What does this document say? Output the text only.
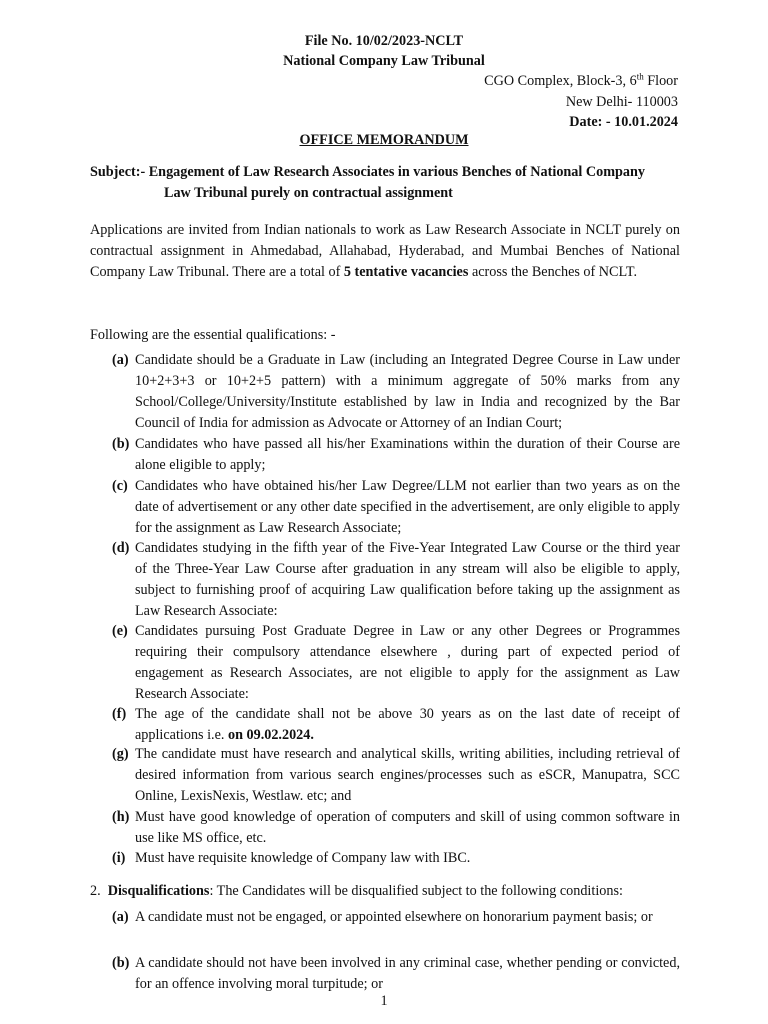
File No. 10/02/2023-NCLT
National Company Law Tribunal
CGO Complex, Block-3, 6th Floor
New Delhi- 110003
Date: - 10.01.2024
OFFICE MEMORANDUM
Subject:- Engagement of Law Research Associates in various Benches of National Company
Law Tribunal purely on contractual assignment
Applications are invited from Indian nationals to work as Law Research Associate in NCLT purely on contractual assignment in Ahmedabad, Allahabad, Hyderabad, and Mumbai Benches of National Company Law Tribunal. There are a total of 5 tentative vacancies across the Benches of NCLT.
Following are the essential qualifications: -
(a) Candidate should be a Graduate in Law (including an Integrated Degree Course in Law under 10+2+3+3 or 10+2+5 pattern) with a minimum aggregate of 50% marks from any School/College/University/Institute established by law in India and recognized by the Bar Council of India for admission as Advocate or Attorney of an Indian Court;
(b) Candidates who have passed all his/her Examinations within the duration of their Course are alone eligible to apply;
(c) Candidates who have obtained his/her Law Degree/LLM not earlier than two years as on the date of advertisement or any other date specified in the advertisement, are only eligible to apply for the assignment as Law Research Associate;
(d) Candidates studying in the fifth year of the Five-Year Integrated Law Course or the third year of the Three-Year Law Course after graduation in any stream will also be eligible to apply, subject to furnishing proof of acquiring Law qualification before taking up the assignment as Law Research Associate:
(e) Candidates pursuing Post Graduate Degree in Law or any other Degrees or Programmes requiring their compulsory attendance elsewhere , during part of expected period of engagement as Research Associates, are not eligible to apply for the assignment as Law Research Associate:
(f) The age of the candidate shall not be above 30 years as on the last date of receipt of applications i.e. on 09.02.2024.
(g) The candidate must have research and analytical skills, writing abilities, including retrieval of desired information from various search engines/processes such as eSCR, Manupatra, SCC Online, LexisNexis, Westlaw. etc; and
(h) Must have good knowledge of operation of computers and skill of using common software in use like MS office, etc.
(i) Must have requisite knowledge of Company law with IBC.
2. Disqualifications: The Candidates will be disqualified subject to the following conditions:
(a) A candidate must not be engaged, or appointed elsewhere on honorarium payment basis; or
(b) A candidate should not have been involved in any criminal case, whether pending or convicted, for an offence involving moral turpitude; or
1
